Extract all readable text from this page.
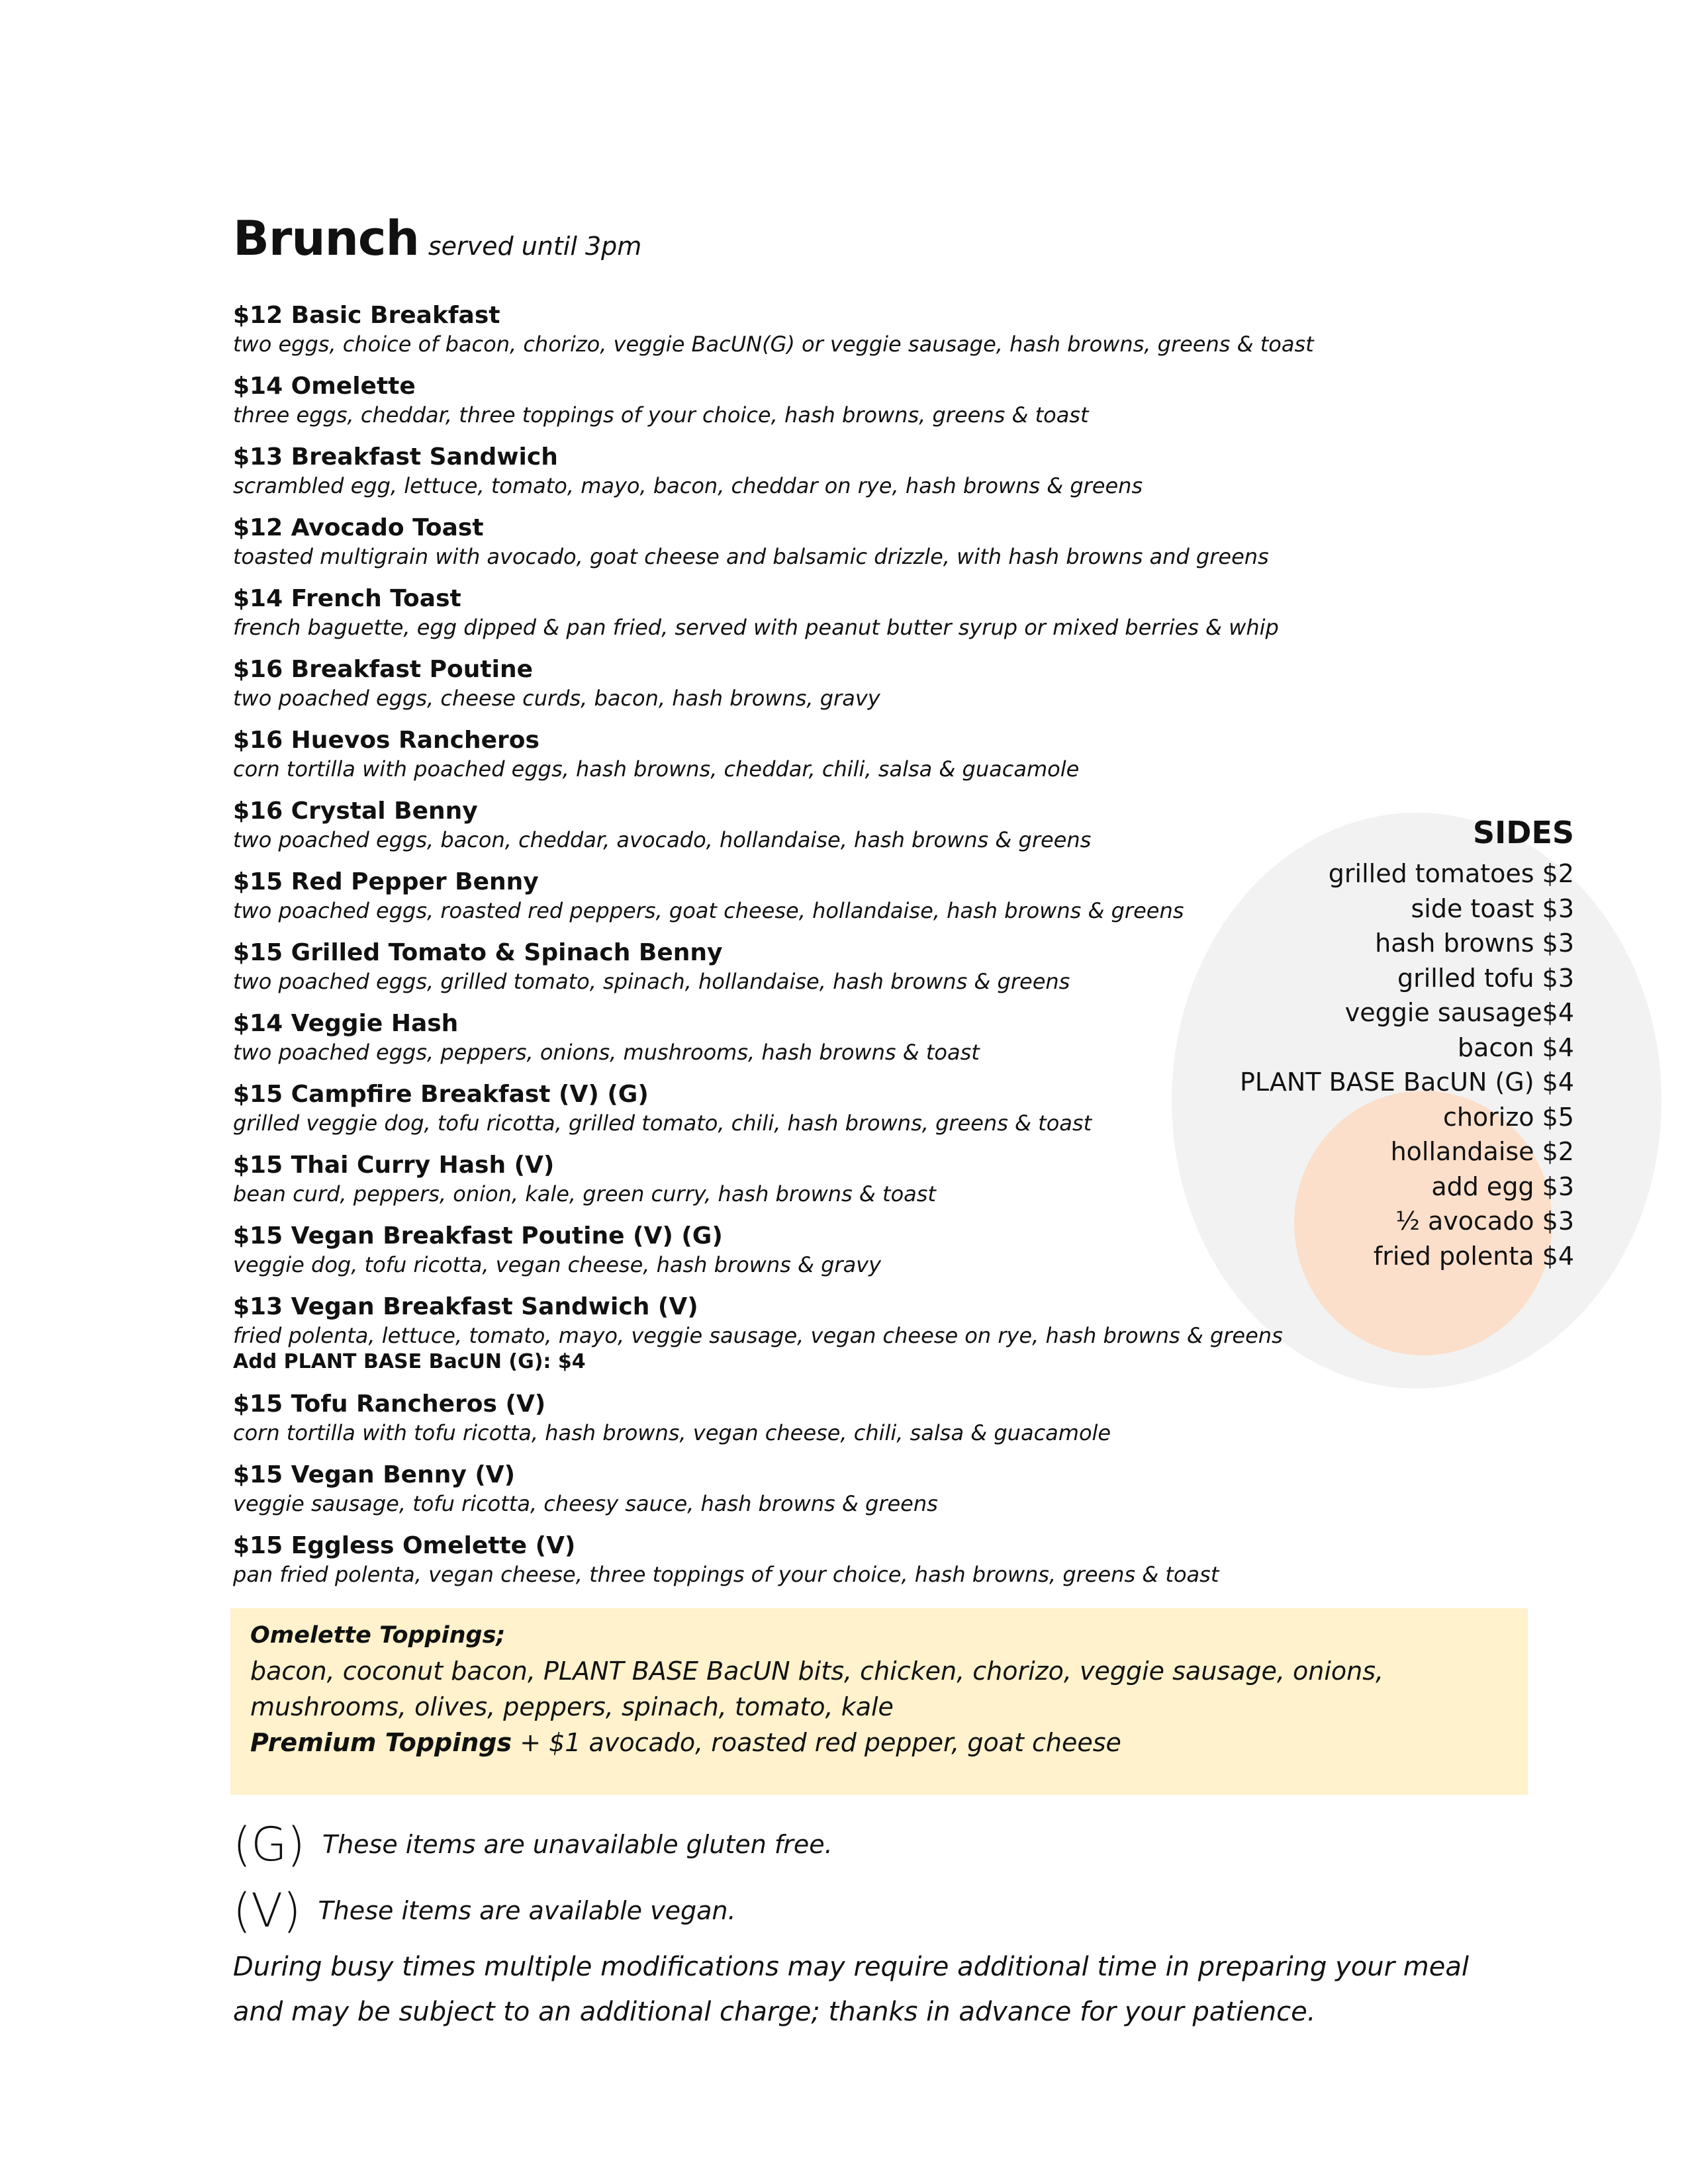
Brunch served until 3pm
$12 Basic Breakfast
two eggs, choice of bacon, chorizo, veggie BacUN(G) or veggie sausage, hash browns, greens & toast
$14 Omelette
three eggs, cheddar, three toppings of your choice, hash browns, greens & toast
$13 Breakfast Sandwich
scrambled egg, lettuce, tomato, mayo, bacon, cheddar on rye, hash browns & greens
$12 Avocado Toast
toasted multigrain with avocado, goat cheese and balsamic drizzle, with hash browns and greens
$14 French Toast
french baguette, egg dipped & pan fried, served with peanut butter syrup or mixed berries & whip
$16 Breakfast Poutine
two poached eggs, cheese curds, bacon, hash browns, gravy
$16 Huevos Rancheros
corn tortilla with poached eggs, hash browns, cheddar, chili, salsa & guacamole
$16 Crystal Benny
two poached eggs, bacon, cheddar, avocado, hollandaise, hash browns & greens
$15 Red Pepper Benny
two poached eggs, roasted red peppers, goat cheese, hollandaise, hash browns & greens
$15 Grilled Tomato & Spinach Benny
two poached eggs, grilled tomato, spinach, hollandaise, hash browns & greens
$14 Veggie Hash
two poached eggs, peppers, onions, mushrooms, hash browns & toast
$15 Campfire Breakfast (V) (G)
grilled veggie dog, tofu ricotta, grilled tomato, chili, hash browns, greens & toast
$15 Thai Curry Hash (V)
bean curd, peppers, onion, kale, green curry, hash browns & toast
$15 Vegan Breakfast Poutine (V) (G)
veggie dog, tofu ricotta, vegan cheese, hash browns & gravy
$13 Vegan Breakfast Sandwich (V)
fried polenta, lettuce, tomato, mayo, veggie sausage, vegan cheese on rye, hash browns & greens
Add PLANT BASE BacUN (G): $4
$15 Tofu Rancheros (V)
corn tortilla with tofu ricotta, hash browns, vegan cheese, chili, salsa & guacamole
$15 Vegan Benny (V)
veggie sausage, tofu ricotta, cheesy sauce, hash browns & greens
$15 Eggless Omelette (V)
pan fried polenta, vegan cheese, three toppings of your choice, hash browns, greens & toast
SIDES
grilled tomatoes $2
side toast $3
hash browns $3
grilled tofu $3
veggie sausage$4
bacon $4
PLANT BASE BacUN (G) $4
chorizo $5
hollandaise $2
add egg $3
½ avocado $3
fried polenta $4
Omelette Toppings;
bacon, coconut bacon, PLANT BASE BacUN bits, chicken, chorizo, veggie sausage, onions, mushrooms, olives, peppers, spinach, tomato, kale
Premium Toppings + $1 avocado, roasted red pepper, goat cheese
(G) These items are unavailable gluten free.
(V) These items are available vegan.
During busy times multiple modifications may require additional time in preparing your meal and may be subject to an additional charge; thanks in advance for your patience.
